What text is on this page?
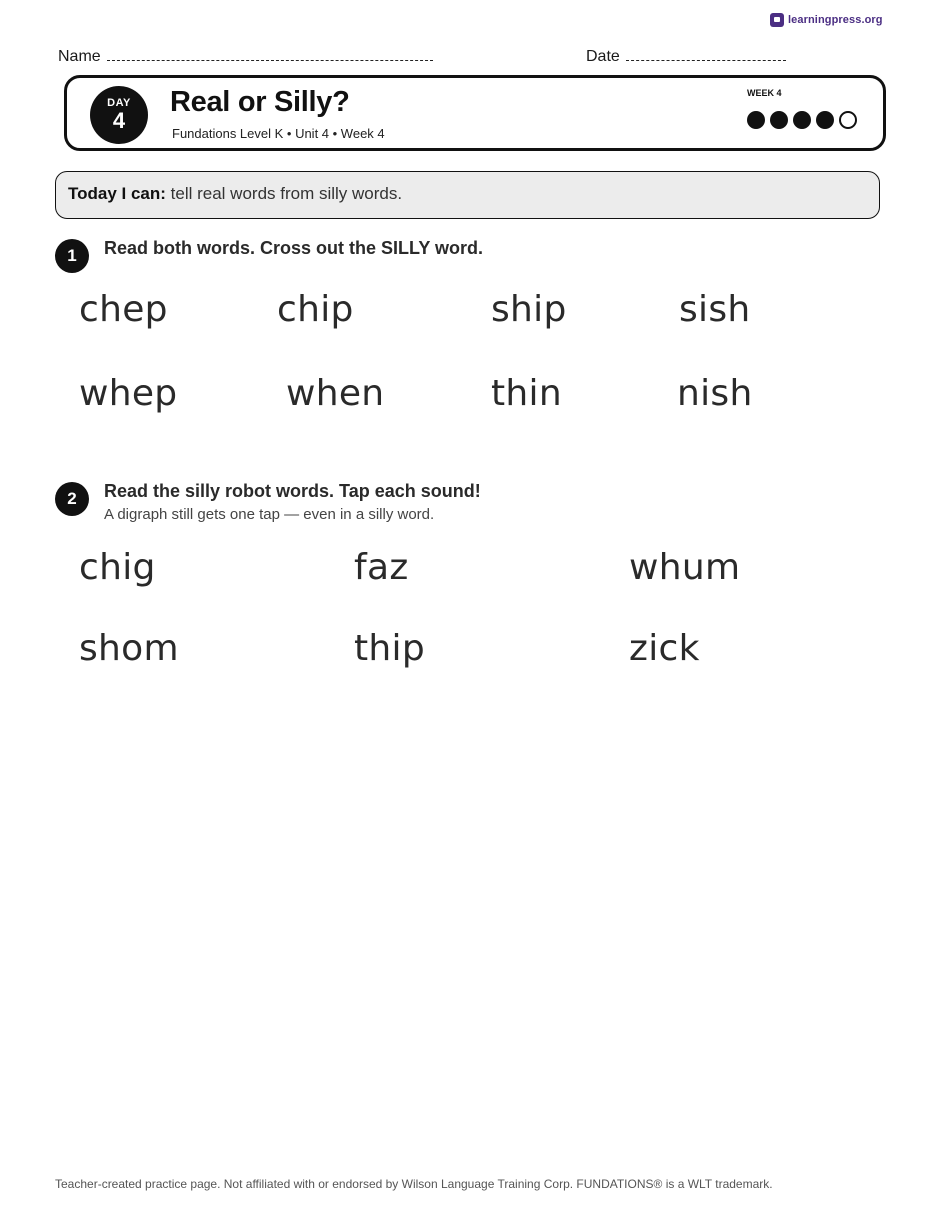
learningpress.org
Name	Date
DAY
4
Real or Silly?
Fundations Level K • Unit 4 • Week 4
WEEK 4
Today I can: tell real words from silly words.
1	Read both words. Cross out the SILLY word.
chep	chip	ship	sish
whep	when	thin	nish
2	Read the silly robot words. Tap each sound!
A digraph still gets one tap — even in a silly word.
chig	faz	whum
shom	thip	zick
Teacher-created practice page. Not affiliated with or endorsed by Wilson Language Training Corp. FUNDATIONS® is a WLT trademark.
